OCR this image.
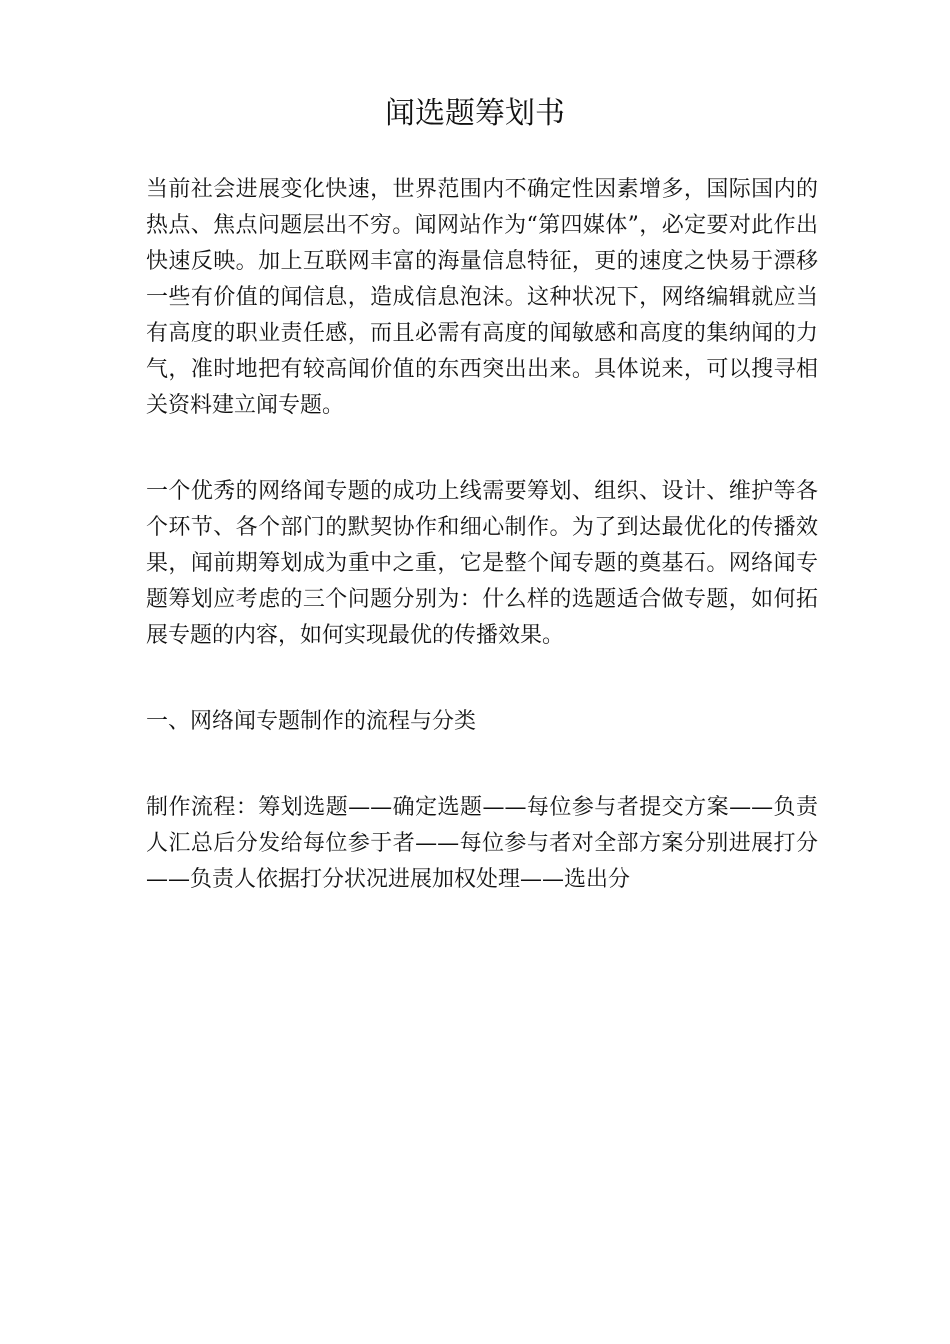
闻选题筹划书

当前社会进展变化快速，世界范围内不确定性因素增多，国际国内的热点、焦点问题层出不穷。闻网站作为“第四媒体”，必定要对此作出快速反映。加上互联网丰富的海量信息特征，更的速度之快易于漂移一些有价值的闻信息，造成信息泡沫。这种状况下，网络编辑就应当有高度的职业责任感，而且必需有高度的闻敏感和高度的集纳闻的力气，准时地把有较高闻价值的东西突出出来。具体说来，可以搜寻相关资料建立闻专题。

一个优秀的网络闻专题的成功上线需要筹划、组织、设计、维护等各个环节、各个部门的默契协作和细心制作。为了到达最优化的传播效果，闻前期筹划成为重中之重，它是整个闻专题的奠基石。网络闻专题筹划应考虑的三个问题分别为：什么样的选题适合做专题，如何拓展专题的内容，如何实现最优的传播效果。

一、网络闻专题制作的流程与分类

制作流程：筹划选题——确定选题——每位参与者提交方案——负责人汇总后分发给每位参于者——每位参与者对全部方案分别进展打分——负责人依据打分状况进展加权处理——选出分
